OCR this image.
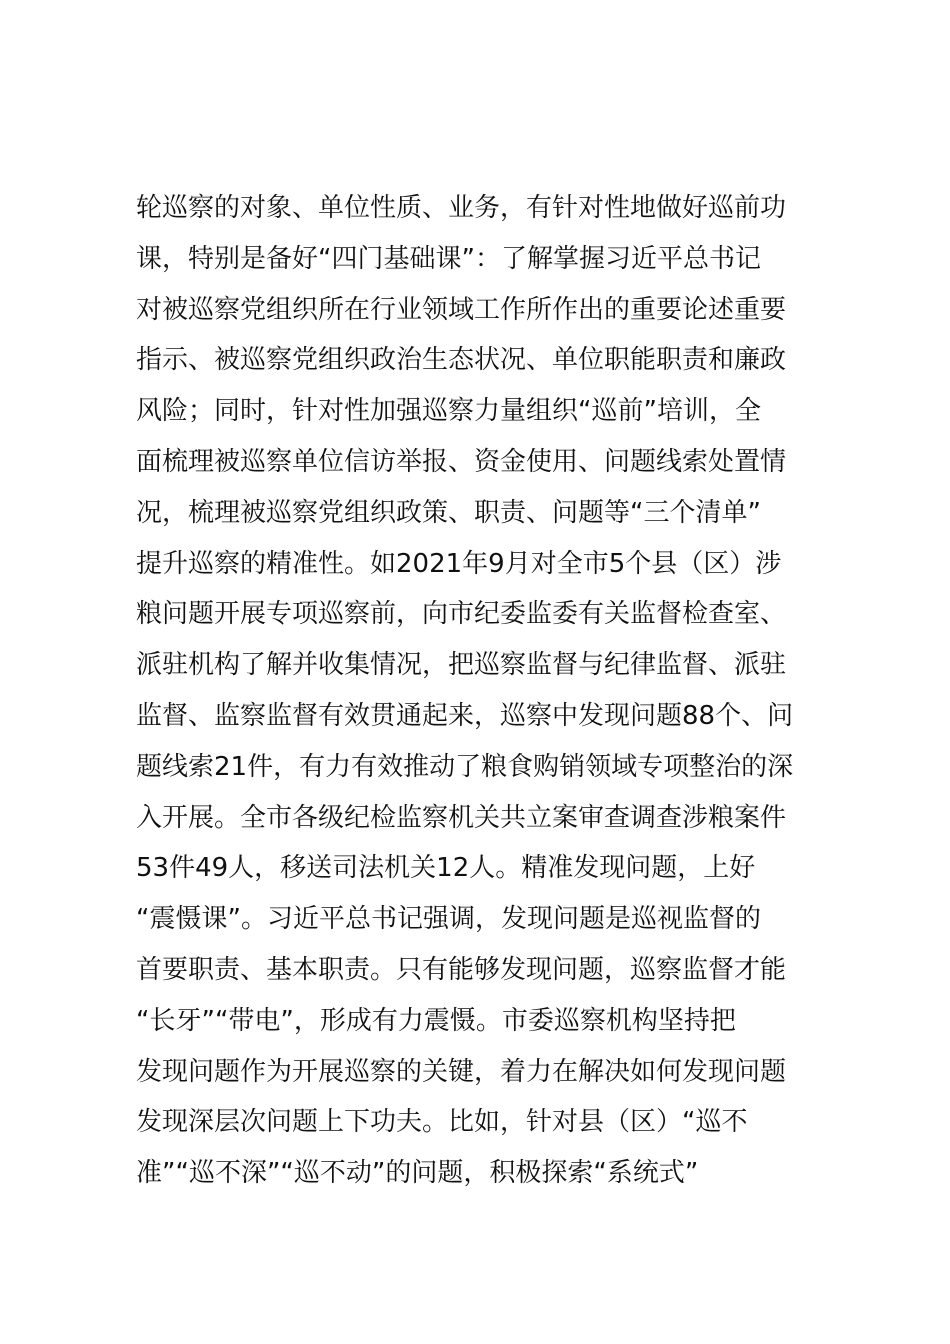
轮巡察的对象、单位性质、业务，有针对性地做好巡前功
课，特别是备好“四门基础课”：了解掌握习近平总书记
对被巡察党组织所在行业领域工作所作出的重要论述重要
指示、被巡察党组织政治生态状况、单位职能职责和廉政
风险；同时，针对性加强巡察力量组织“巡前”培训，全
面梳理被巡察单位信访举报、资金使用、问题线索处置情
况，梳理被巡察党组织政策、职责、问题等“三个清单”
提升巡察的精准性。如2021年9月对全市5个县（区）涉
粮问题开展专项巡察前，向市纪委监委有关监督检查室、
派驻机构了解并收集情况，把巡察监督与纪律监督、派驻
监督、监察监督有效贯通起来，巡察中发现问题88个、问
题线索21件，有力有效推动了粮食购销领域专项整治的深
入开展。全市各级纪检监察机关共立案审查调查涉粮案件
53件49人，移送司法机关12人。精准发现问题，上好
“震慑课”。习近平总书记强调，发现问题是巡视监督的
首要职责、基本职责。只有能够发现问题，巡察监督才能
“长牙”“带电”，形成有力震慑。市委巡察机构坚持把
发现问题作为开展巡察的关键，着力在解决如何发现问题
发现深层次问题上下功夫。比如，针对县（区）“巡不
准”“巡不深”“巡不动”的问题，积极探索“系统式”
